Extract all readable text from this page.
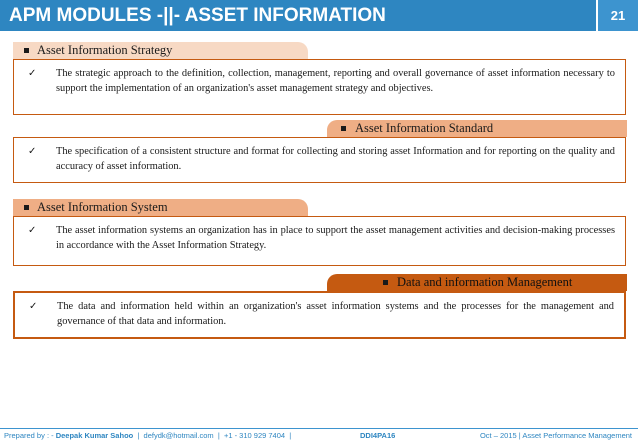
APM MODULES -||- ASSET INFORMATION	21
Asset Information Strategy
✓ The strategic approach to the definition, collection, management, reporting and overall governance of asset information necessary to support the implementation of an organization's asset management strategy and objectives.
Asset Information Standard
✓ The specification of a consistent structure and format for collecting and storing asset Information and for reporting on the quality and accuracy of asset information.
Asset Information System
✓ The asset information systems an organization has in place to support the asset management activities and decision-making processes in accordance with the Asset Information Strategy.
Data and information Management
✓ The data and information held within an organization's asset information systems and the processes for the management and governance of that data and information.
Prepared by : - Deepak Kumar Sahoo  |  defydk@hotmail.com  |  +1 - 310 929 7404  |	DDI4PA16	Oct – 2015 | Asset Performance Management
